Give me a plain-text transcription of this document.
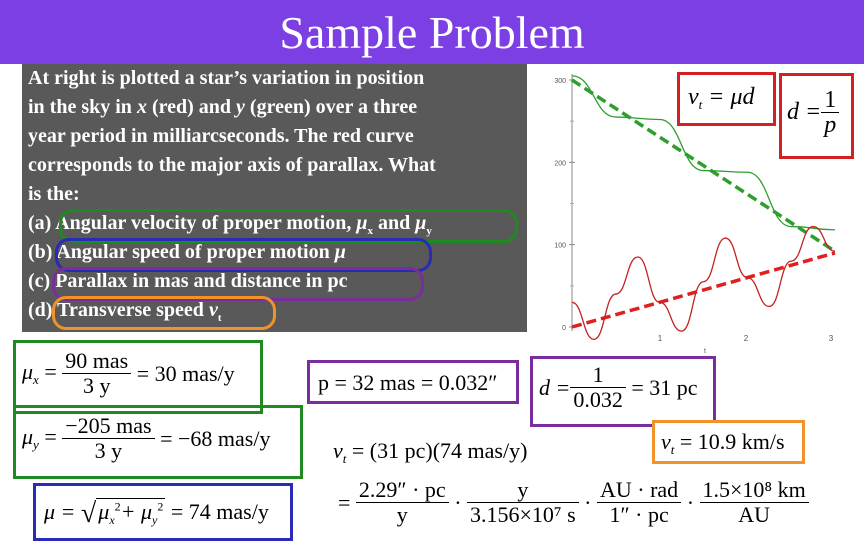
Sample Problem
At right is plotted a star’s variation in position
in the sky in x (red) and y (green) over a three
year period in milliarcseconds. The red curve
corresponds to the major axis of parallax. What
is the:
(a) Angular velocity of proper motion, $\mu_x$ and $\mu_y$
(b) Angular speed of proper motion μ
(c) Parallax in mas and distance in pc
(d) Transverse speed $v_t$
300
200
100
0
1	2	3
t
$v_t = \mu d$
$d = \frac{1}{p}$
$\mu_x = \frac{\text{90 mas}}{3 y} = 30$ mas/y
$\mu_y = \frac{\text{−205 mas}}{3 y} = -68$ mas/y
$\mu = √\mu_x^2+ \mu_y^2 = 74$ mas/y
p = 32 mas = 0.032″ $d = \frac{1}{0.032} = 31$ pc
$v_t = 10.9$ km/s
$v_t = (31$ pc)(74 mas/y)
= $\frac{2.29'' \cdot pc}{y} \cdot \frac{y}{\text{3.156×10⁷ s}} \cdot \frac{\text{AU · rad}}{1'' \cdot pc} \cdot \frac{\text{1.5×10⁸ km}}{AU}$
